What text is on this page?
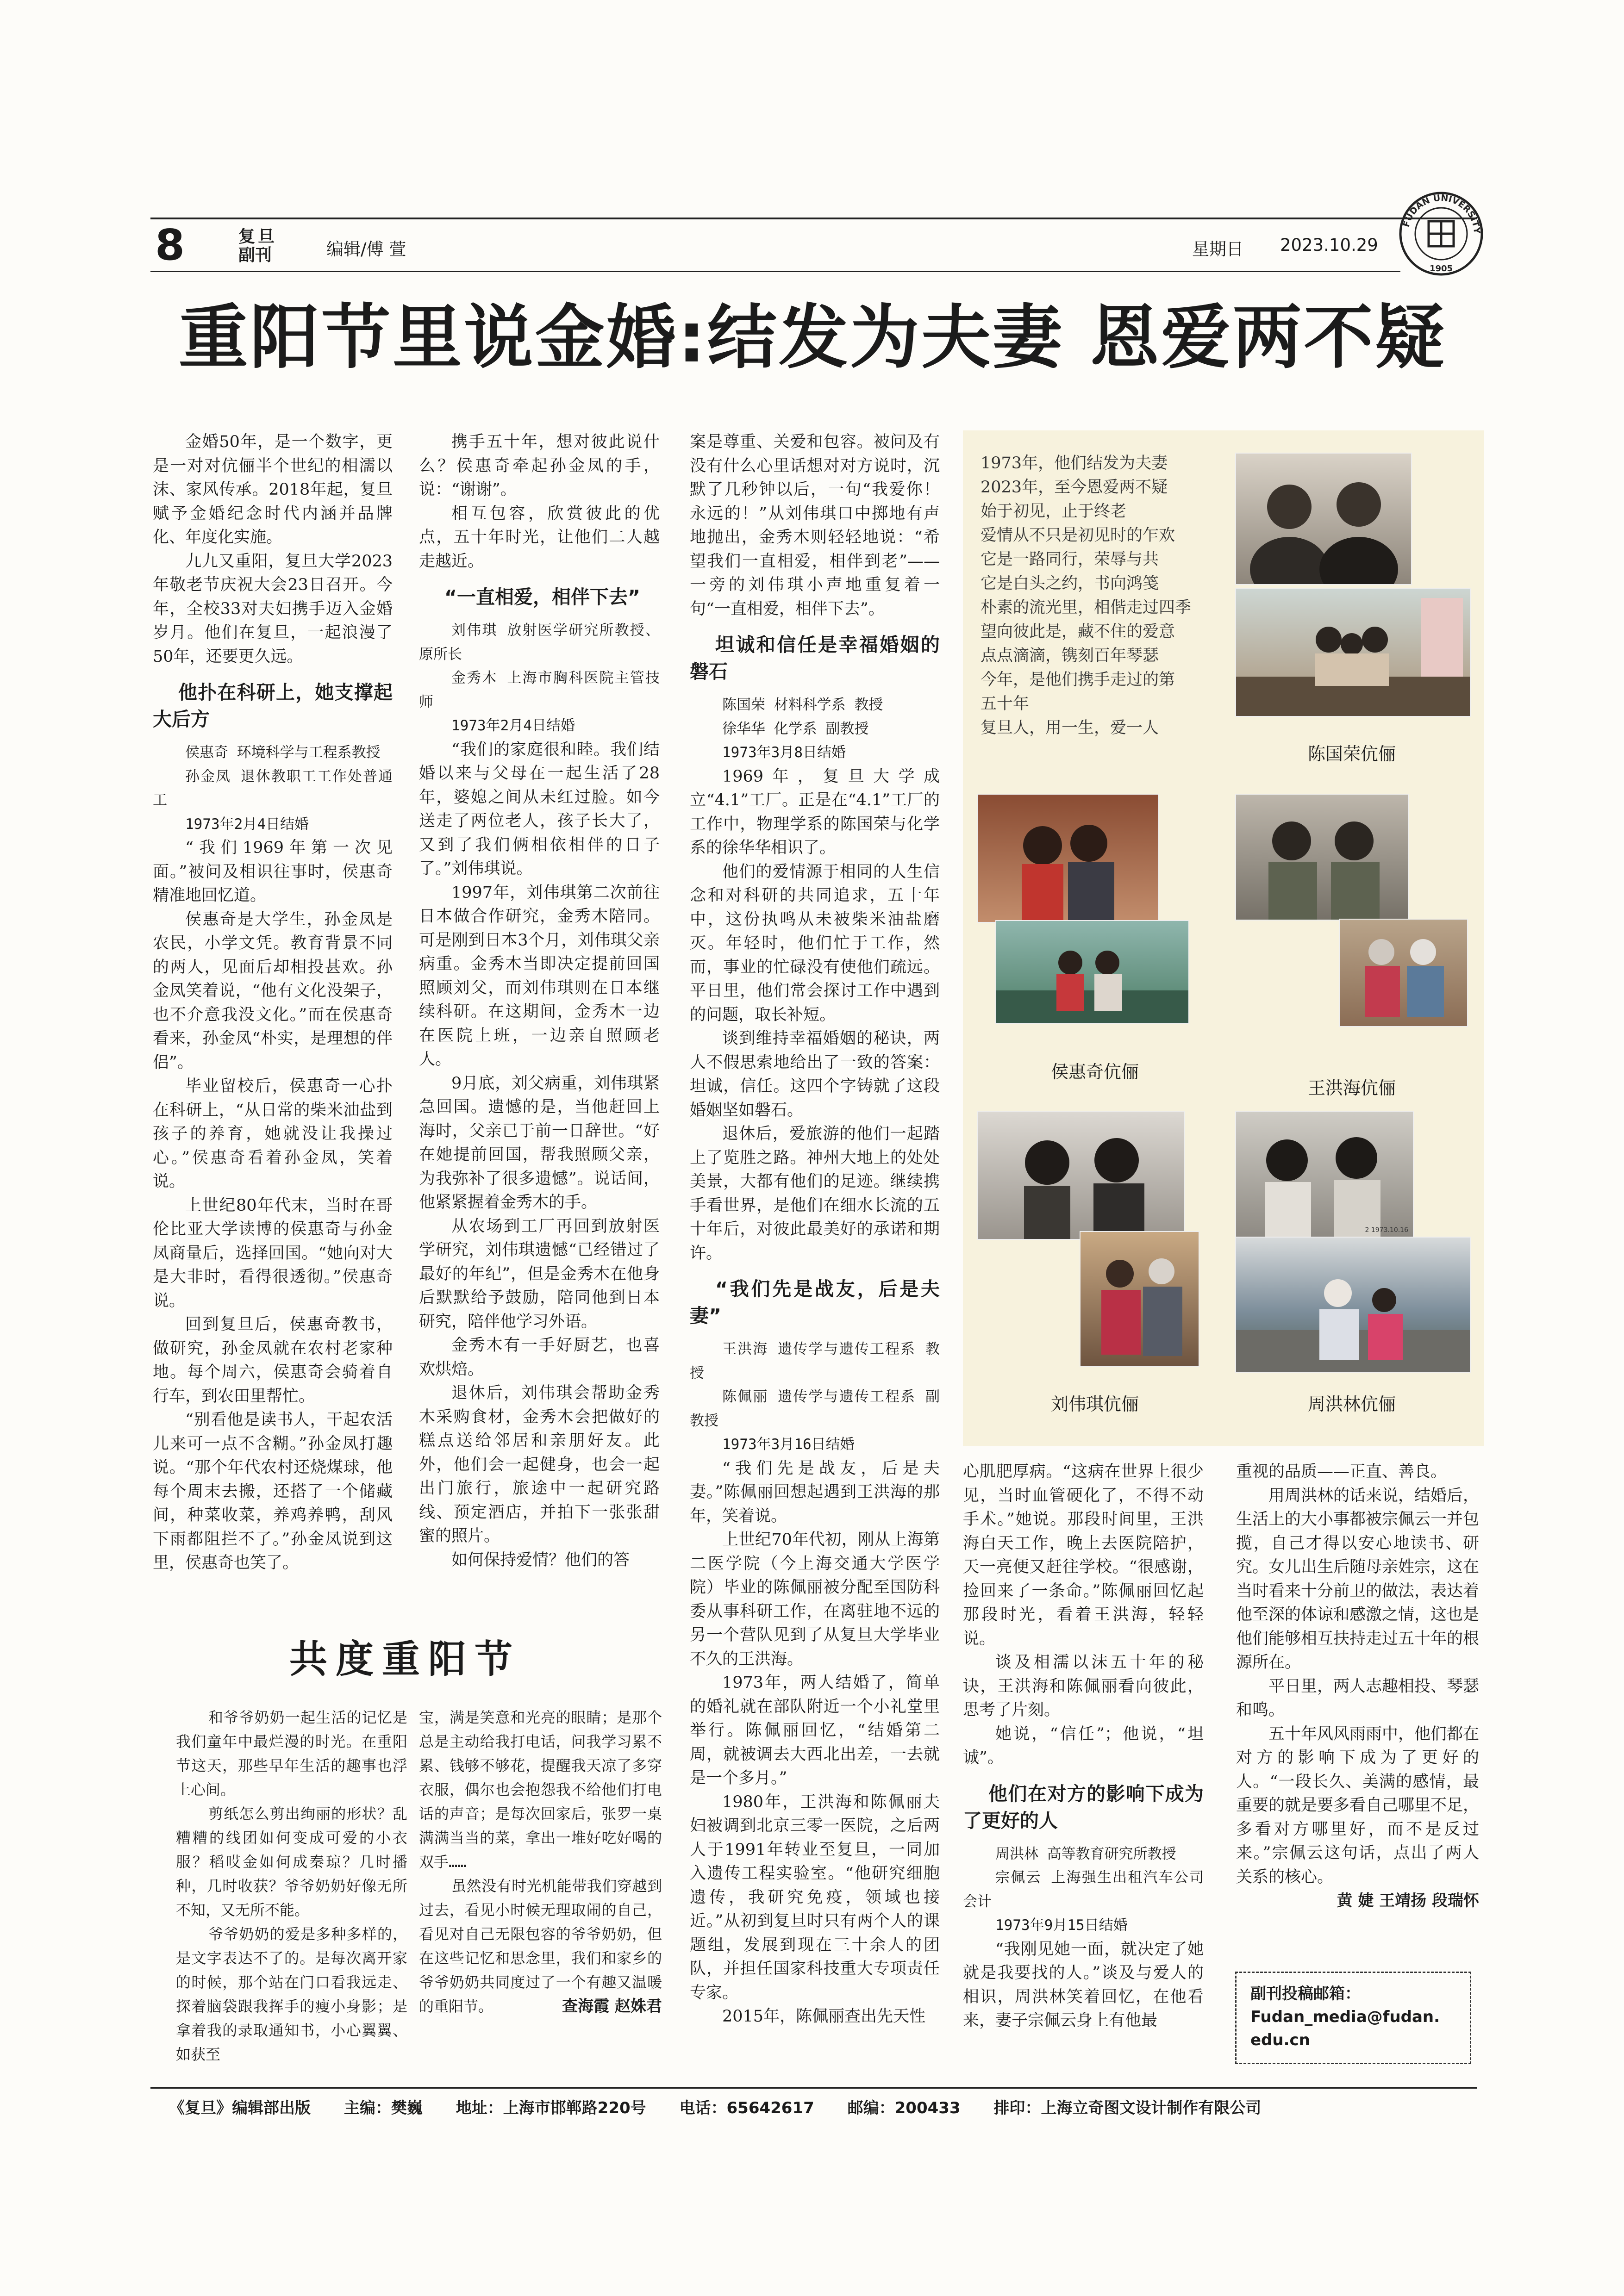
8	复旦
副刊	编辑/傅 萱	星期日 2023.10.29
FUDAN UNIVERSITY
1905
重阳节里说金婚:结发为夫妻 恩爱两不疑

金婚50年，是一个数字，更是一对对伉俪半个世纪的相濡以沫、家风传承。2018年起，复旦赋予金婚纪念时代内涵并品牌化、年度化实施。

九九又重阳，复旦大学2023年敬老节庆祝大会23日召开。今年，全校33对夫妇携手迈入金婚岁月。他们在复旦，一起浪漫了50年，还要更久远。

他扑在科研上，她支撑起大后方
侯惠奇 环境科学与工程系教授
孙金凤 退休教职工工作处普通工
1973年2月4日结婚

“我们1969年第一次见面。”被问及相识往事时，侯惠奇精准地回忆道。

侯惠奇是大学生，孙金凤是农民，小学文凭。教育背景不同的两人，见面后却相投甚欢。孙金凤笑着说，“他有文化没架子，也不介意我没文化。”而在侯惠奇看来，孙金凤“朴实，是理想的伴侣”。

毕业留校后，侯惠奇一心扑在科研上，“从日常的柴米油盐到孩子的养育，她就没让我操过心。”侯惠奇看着孙金凤，笑着说。

上世纪80年代末，当时在哥伦比亚大学读博的侯惠奇与孙金凤商量后，选择回国。“她向对大是大非时，看得很透彻。”侯惠奇说。

回到复旦后，侯惠奇教书，做研究，孙金凤就在农村老家种地。每个周六，侯惠奇会骑着自行车，到农田里帮忙。

“别看他是读书人，干起农活儿来可一点不含糊。”孙金凤打趣说。“那个年代农村还烧煤球，他每个周末去搬，还搭了一个储藏间，种菜收菜，养鸡养鸭，刮风下雨都阻拦不了。”孙金凤说到这里，侯惠奇也笑了。

携手五十年，想对彼此说什么？侯惠奇牵起孙金凤的手，说：“谢谢”。

相互包容，欣赏彼此的优点，五十年时光，让他们二人越走越近。

“一直相爱，相伴下去”
刘伟琪 放射医学研究所教授、原所长
金秀木 上海市胸科医院主管技师
1973年2月4日结婚

“我们的家庭很和睦。我们结婚以来与父母在一起生活了28年，婆媳之间从未红过脸。如今送走了两位老人，孩子长大了，又到了我们俩相依相伴的日子了。”刘伟琪说。

1997年，刘伟琪第二次前往日本做合作研究，金秀木陪同。可是刚到日本3个月，刘伟琪父亲病重。金秀木当即决定提前回国照顾刘父，而刘伟琪则在日本继续科研。在这期间，金秀木一边在医院上班，一边亲自照顾老人。

9月底，刘父病重，刘伟琪紧急回国。遗憾的是，当他赶回上海时，父亲已于前一日辞世。“好在她提前回国，帮我照顾父亲，为我弥补了很多遗憾”。说话间，他紧紧握着金秀木的手。

从农场到工厂再回到放射医学研究，刘伟琪遗憾“已经错过了最好的年纪”，但是金秀木在他身后默默给予鼓励，陪同他到日本研究，陪伴他学习外语。

金秀木有一手好厨艺，也喜欢烘焙。

退休后，刘伟琪会帮助金秀木采购食材，金秀木会把做好的糕点送给邻居和亲朋好友。此外，他们会一起健身，也会一起出门旅行，旅途中一起研究路线、预定酒店，并拍下一张张甜蜜的照片。

如何保持爱情？他们的答

案是尊重、关爱和包容。被问及有没有什么心里话想对对方说时，沉默了几秒钟以后，一句“我爱你！永远的！”从刘伟琪口中掷地有声地抛出，金秀木则轻轻地说：“希望我们一直相爱，相伴到老”——一旁的刘伟琪小声地重复着一句“一直相爱，相伴下去”。

坦诚和信任是幸福婚姻的磐石
陈国荣 材料科学系 教授
徐华华 化学系 副教授
1973年3月8日结婚

1969年，复旦大学成立“4.1”工厂。正是在“4.1”工厂的工作中，物理学系的陈国荣与化学系的徐华华相识了。

他们的爱情源于相同的人生信念和对科研的共同追求，五十年中，这份执鸣从未被柴米油盐磨灭。年轻时，他们忙于工作，然而，事业的忙碌没有使他们疏远。平日里，他们常会探讨工作中遇到的问题，取长补短。

谈到维持幸福婚姻的秘诀，两人不假思索地给出了一致的答案：坦诚，信任。这四个字铸就了这段婚姻坚如磐石。

退休后，爱旅游的他们一起踏上了览胜之路。神州大地上的处处美景，大都有他们的足迹。继续携手看世界，是他们在细水长流的五十年后，对彼此最美好的承诺和期许。

“我们先是战友，后是夫妻”
王洪海 遗传学与遗传工程系 教授
陈佩丽 遗传学与遗传工程系 副教授
1973年3月16日结婚

“我们先是战友，后是夫妻。”陈佩丽回想起遇到王洪海的那年，笑着说。

上世纪70年代初，刚从上海第二医学院（今上海交通大学医学院）毕业的陈佩丽被分配至国防科委从事科研工作，在离驻地不远的另一个营队见到了从复旦大学毕业不久的王洪海。

1973年，两人结婚了，简单的婚礼就在部队附近一个小礼堂里举行。陈佩丽回忆，“结婚第二周，就被调去大西北出差，一去就是一个多月。”

1980年，王洪海和陈佩丽夫妇被调到北京三零一医院，之后两人于1991年转业至复旦，一同加入遗传工程实验室。“他研究细胞遗传，我研究免疫，领域也接近。”从初到复旦时只有两个人的课题组，发展到现在三十余人的团队，并担任国家科技重大专项责任专家。

2015年，陈佩丽查出先天性

1973年，他们结发为夫妻
2023年，至今恩爱两不疑
始于初见，止于终老
爱情从不只是初见时的乍欢
它是一路同行，荣辱与共
它是白头之约，书向鸿笺
朴素的流光里，相偕走过四季
望向彼此是，藏不住的爱意
点点滴滴，镌刻百年琴瑟
今年，是他们携手走过的第
五十年
复旦人，用一生，爱一人
陈国荣伉俪
侯惠奇伉俪
王洪海伉俪
刘伟琪伉俪
2 1973.10.16
周洪林伉俪

心肌肥厚病。“这病在世界上很少见，当时血管硬化了，不得不动手术。”她说。那段时间里，王洪海白天工作，晚上去医院陪护，天一亮便又赶往学校。“很感谢，捡回来了一条命。”陈佩丽回忆起那段时光，看着王洪海，轻轻说。

谈及相濡以沫五十年的秘诀，王洪海和陈佩丽看向彼此，思考了片刻。

她说，“信任”；他说，“坦诚”。

他们在对方的影响下成为了更好的人
周洪林 高等教育研究所教授
宗佩云 上海强生出租汽车公司 会计
1973年9月15日结婚

“我刚见她一面，就决定了她就是我要找的人。”谈及与爱人的相识，周洪林笑着回忆，在他看来，妻子宗佩云身上有他最

重视的品质——正直、善良。

用周洪林的话来说，结婚后，生活上的大小事都被宗佩云一并包揽，自己才得以安心地读书、研究。女儿出生后随母亲姓宗，这在当时看来十分前卫的做法，表达着他至深的体谅和感激之情，这也是他们能够相互扶持走过五十年的根源所在。

平日里，两人志趣相投、琴瑟和鸣。

五十年风风雨雨中，他们都在对方的影响下成为了更好的人。“一段长久、美满的感情，最重要的就是要多看自己哪里不足，多看对方哪里好，而不是反过来。”宗佩云这句话，点出了两人关系的核心。

黄 婕 王靖扬 段瑞怀
副刊投稿邮箱：
Fudan_media@fudan.
edu.cn
共度重阳节

和爷爷奶奶一起生活的记忆是我们童年中最烂漫的时光。在重阳节这天，那些早年生活的趣事也浮上心间。

剪纸怎么剪出绚丽的形状？乱糟糟的线团如何变成可爱的小衣服？稻哎金如何成秦琼？几时播种，几时收获？爷爷奶奶好像无所不知，又无所不能。

爷爷奶奶的爱是多种多样的，是文字表达不了的。是每次离开家的时候，那个站在门口看我远走、探着脑袋跟我挥手的瘦小身影；是拿着我的录取通知书，小心翼翼、如获至

宝，满是笑意和光亮的眼睛；是那个总是主动给我打电话，问我学习累不累、钱够不够花，提醒我天凉了多穿衣服，偶尔也会抱怨我不给他们打电话的声音；是每次回家后，张罗一桌满满当当的菜，拿出一堆好吃好喝的双手……

虽然没有时光机能带我们穿越到过去，看见小时候无理取闹的自己，看见对自己无限包容的爷爷奶奶，但在这些记忆和思念里，我们和家乡的爷爷奶奶共同度过了一个有趣又温暖的重阳节。	查海霞 赵姝君
《复旦》编辑部出版 主编：樊巍 地址：上海市邯郸路220号 电话：65642617 邮编：200433 排印：上海立奇图文设计制作有限公司
